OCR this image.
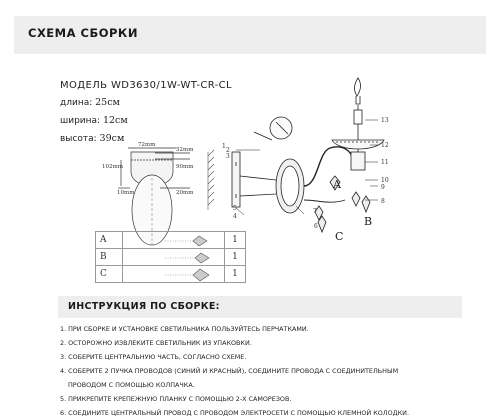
СХЕМА СБОРКИ
МОДЕЛЬ WD3630/1W-WT-CR-CL
длина: 25см
ширина: 12см
высота: 39см
72mm
52mm
90mm
102mm
10mm	20mm
1
2
3
4
5
6
7
8
9
10
11
12
13
A
B
C
A		1
B		1
C		1
ИНСТРУКЦИЯ ПО СБОРКЕ:
1. ПРИ СБОРКЕ И УСТАНОВКЕ СВЕТИЛЬНИКА ПОЛЬЗУЙТЕСЬ ПЕРЧАТКАМИ.
2. ОСТОРОЖНО ИЗВЛЕКИТЕ СВЕТИЛЬНИК ИЗ УПАКОВКИ.
3. СОБЕРИТЕ ЦЕНТРАЛЬНУЮ ЧАСТЬ, СОГЛАСНО СХЕМЕ.
4. СОБЕРИТЕ 2 ПУЧКА ПРОВОДОВ (СИНИЙ И КРАСНЫЙ), СОЕДИНИТЕ ПРОВОДА С СОЕДИНИТЕЛЬНЫМ
ПРОВОДОМ С ПОМОЩЬЮ КОЛПАЧКА.
5. ПРИКРЕПИТЕ КРЕПЕЖНУЮ ПЛАНКУ С ПОМОЩЬЮ 2-Х САМОРЕЗОВ.
6. СОЕДИНИТЕ ЦЕНТРАЛЬНЫЙ ПРОВОД С ПРОВОДОМ ЭЛЕКТРОСЕТИ С ПОМОЩЬЮ КЛЕМНОЙ КОЛОДКИ.
